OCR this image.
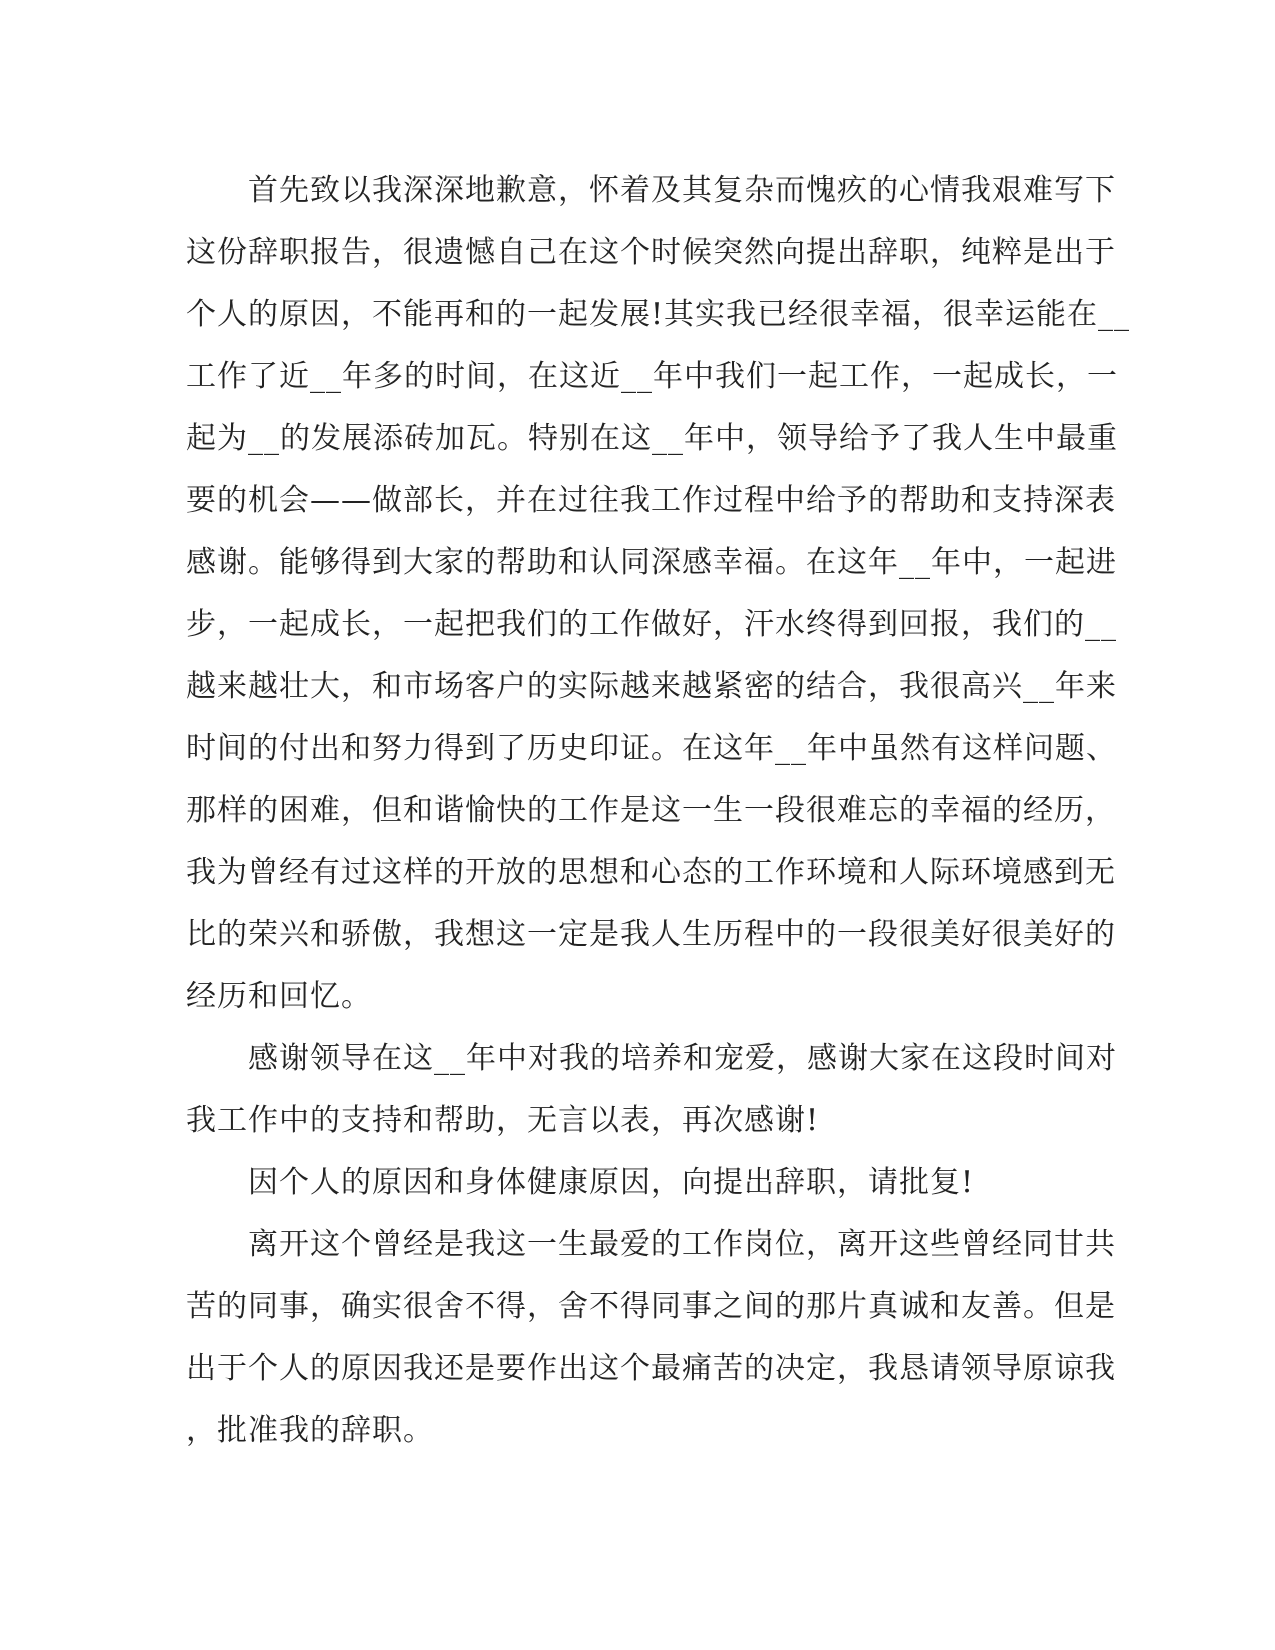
　　首先致以我深深地歉意，怀着及其复杂而愧疚的心情我艰难写下
这份辞职报告，很遗憾自己在这个时候突然向提出辞职，纯粹是出于
个人的原因，不能再和的一起发展!其实我已经很幸福，很幸运能在__
工作了近__年多的时间，在这近__年中我们一起工作，一起成长，一
起为__的发展添砖加瓦。特别在这__年中，领导给予了我人生中最重
要的机会——做部长，并在过往我工作过程中给予的帮助和支持深表
感谢。能够得到大家的帮助和认同深感幸福。在这年__年中，一起进
步，一起成长，一起把我们的工作做好，汗水终得到回报，我们的__
越来越壮大，和市场客户的实际越来越紧密的结合，我很高兴__年来
时间的付出和努力得到了历史印证。在这年__年中虽然有这样问题、
那样的困难，但和谐愉快的工作是这一生一段很难忘的幸福的经历，
我为曾经有过这样的开放的思想和心态的工作环境和人际环境感到无
比的荣兴和骄傲，我想这一定是我人生历程中的一段很美好很美好的
经历和回忆。
　　感谢领导在这__年中对我的培养和宠爱，感谢大家在这段时间对
我工作中的支持和帮助，无言以表，再次感谢!
　　因个人的原因和身体健康原因，向提出辞职，请批复!
　　离开这个曾经是我这一生最爱的工作岗位，离开这些曾经同甘共
苦的同事，确实很舍不得，舍不得同事之间的那片真诚和友善。但是
出于个人的原因我还是要作出这个最痛苦的决定，我恳请领导原谅我
，批准我的辞职。
